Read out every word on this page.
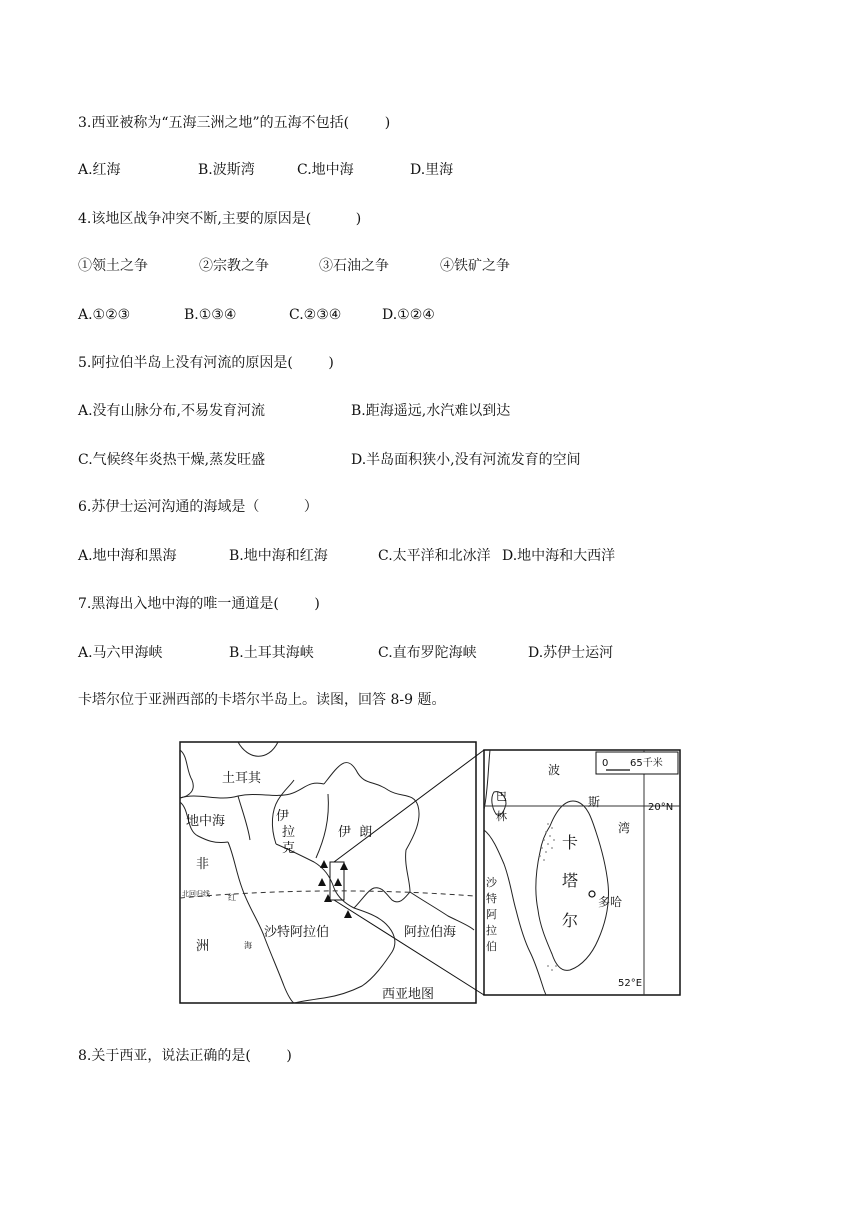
3.西亚被称为“五海三洲之地”的五海不包括(        )
A.红海	B.波斯湾	C.地中海	D.里海
4.该地区战争冲突不断,主要的原因是(          )
①领土之争	②宗教之争	③石油之争	④铁矿之争
A.①②③	B.①③④	C.②③④	D.①②④
5.阿拉伯半岛上没有河流的原因是(        )
A.没有山脉分布,不易发育河流	B.距海遥远,水汽难以到达
C.气候终年炎热干燥,蒸发旺盛	D.半岛面积狭小,没有河流发育的空间
6.苏伊士运河沟通的海域是（          ）
A.地中海和黑海	B.地中海和红海	C.太平洋和北冰洋 D.地中海和大西洋
7.黑海出入地中海的唯一通道是(        )
A.马六甲海峡	B.土耳其海峡	C.直布罗陀海峡	D.苏伊士运河
卡塔尔位于亚洲西部的卡塔尔半岛上。读图，回答 8-9 题。
土耳其
地中海	伊
拉
克
伊  朗
非
洲
北回归线 红
海
沙特阿拉伯	阿拉伯海
西亚地图
0 65千米
波
斯
湾
巴
林
卡
塔
尔
多哈
沙
特
阿
拉
伯
20°N
52°E
8.关于西亚，说法正确的是(        )
